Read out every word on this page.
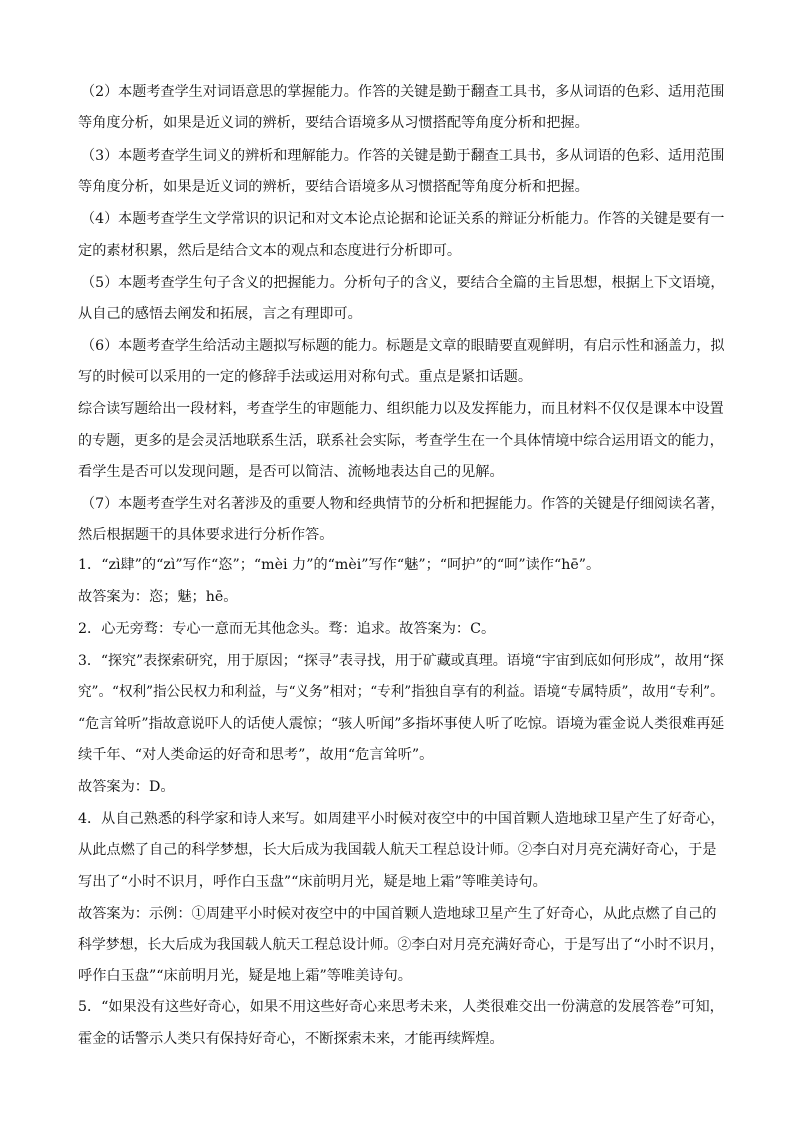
（2）本题考查学生对词语意思的掌握能力。作答的关键是勤于翻查工具书，多从词语的色彩、适用范围
等角度分析，如果是近义词的辨析，要结合语境多从习惯搭配等角度分析和把握。
（3）本题考查学生词义的辨析和理解能力。作答的关键是勤于翻查工具书，多从词语的色彩、适用范围
等角度分析，如果是近义词的辨析，要结合语境多从习惯搭配等角度分析和把握。
（4）本题考查学生文学常识的识记和对文本论点论据和论证关系的辩证分析能力。作答的关键是要有一
定的素材积累，然后是结合文本的观点和态度进行分析即可。
（5）本题考查学生句子含义的把握能力。分析句子的含义，要结合全篇的主旨思想，根据上下文语境，
从自己的感悟去阐发和拓展，言之有理即可。
（6）本题考查学生给活动主题拟写标题的能力。标题是文章的眼睛要直观鲜明，有启示性和涵盖力，拟
写的时候可以采用的一定的修辞手法或运用对称句式。重点是紧扣话题。
综合读写题给出一段材料，考查学生的审题能力、组织能力以及发挥能力，而且材料不仅仅是课本中设置
的专题，更多的是会灵活地联系生活，联系社会实际，考查学生在一个具体情境中综合运用语文的能力，
看学生是否可以发现问题，是否可以简洁、流畅地表达自己的见解。
（7）本题考查学生对名著涉及的重要人物和经典情节的分析和把握能力。作答的关键是仔细阅读名著，
然后根据题干的具体要求进行分析作答。
1．“zì肆”的“zì”写作“恣”；“mèi 力”的“mèi”写作“魅”；“呵护”的“呵”读作“hē”。
故答案为：恣；魅；hē。
2．心无旁骛：专心一意而无其他念头。骛：追求。故答案为：C。
3．“探究”表探索研究，用于原因；“探寻”表寻找，用于矿藏或真理。语境“宇宙到底如何形成”，故用“探
究”。“权利”指公民权力和利益，与“义务”相对；“专利”指独自享有的利益。语境“专属特质”，故用“专利”。
“危言耸听”指故意说吓人的话使人震惊；“骇人听闻”多指坏事使人听了吃惊。语境为霍金说人类很难再延
续千年、“对人类命运的好奇和思考”，故用“危言耸听”。
故答案为：D。
4．从自己熟悉的科学家和诗人来写。如周建平小时候对夜空中的中国首颗人造地球卫星产生了好奇心，
从此点燃了自己的科学梦想，长大后成为我国载人航天工程总设计师。②李白对月亮充满好奇心，于是
写出了“小时不识月，呼作白玉盘”“床前明月光，疑是地上霜”等唯美诗句。
故答案为：示例：①周建平小时候对夜空中的中国首颗人造地球卫星产生了好奇心，从此点燃了自己的
科学梦想，长大后成为我国载人航天工程总设计师。②李白对月亮充满好奇心，于是写出了“小时不识月，
呼作白玉盘”“床前明月光，疑是地上霜”等唯美诗句。
5．“如果没有这些好奇心，如果不用这些好奇心来思考未来，人类很难交出一份满意的发展答卷”可知，
霍金的话警示人类只有保持好奇心，不断探索未来，才能再续辉煌。
